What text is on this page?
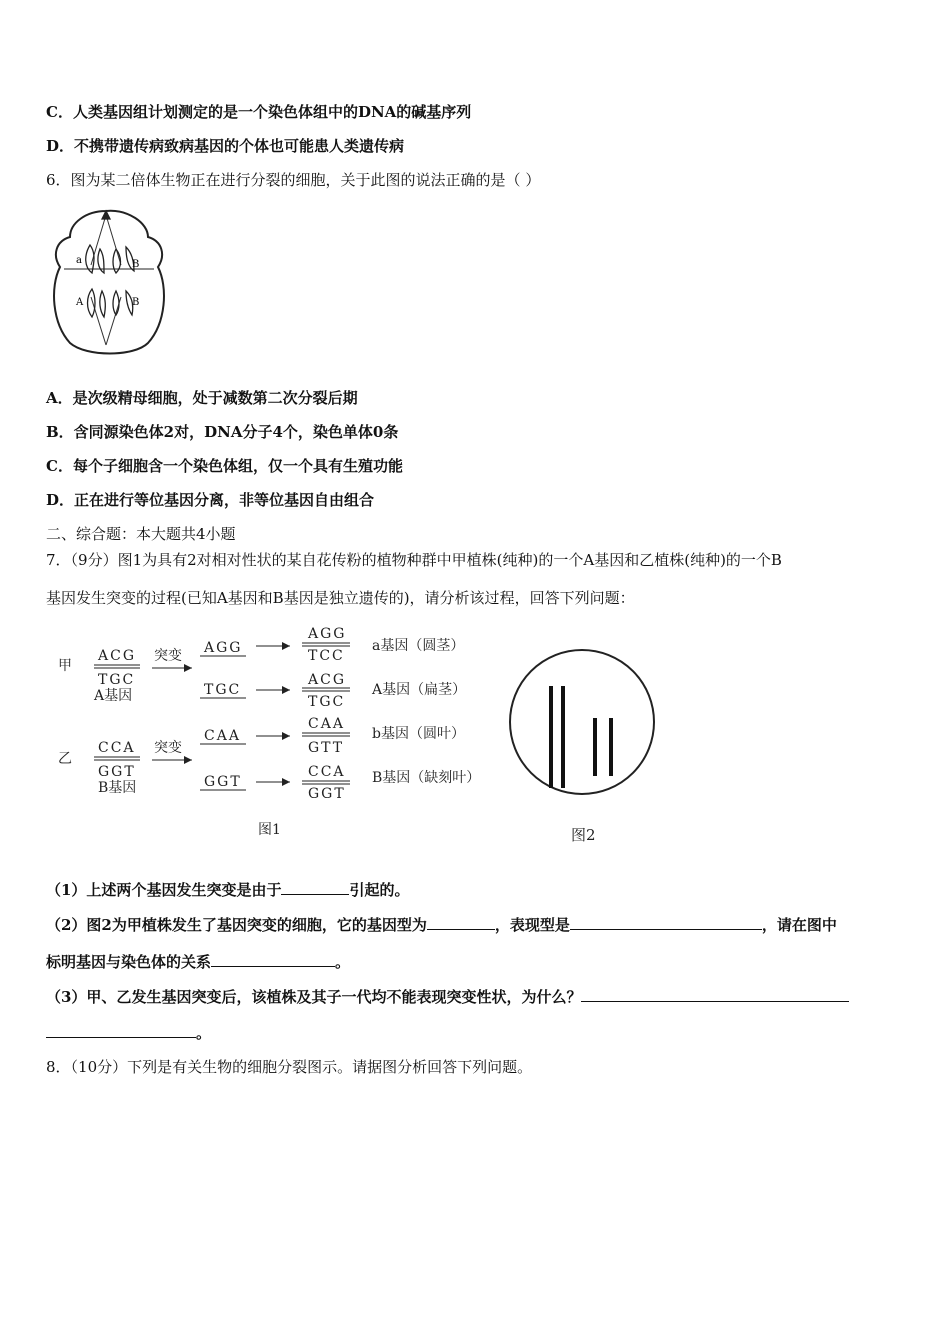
C．人类基因组计划测定的是一个染色体组中的DNA的碱基序列
D．不携带遗传病致病基因的个体也可能患人类遗传病
6．图为某二倍体生物正在进行分裂的细胞，关于此图的说法正确的是（ ）
a	B
A	B
A．是次级精母细胞，处于减数第二次分裂后期
B．含同源染色体2对，DNA分子4个，染色单体0条
C．每个子细胞含一个染色体组，仅一个具有生殖功能
D．正在进行等位基因分离，非等位基因自由组合
二、综合题：本大题共4小题
7．（9分）图1为具有2对相对性状的某自花传粉的植物种群中甲植株(纯种)的一个A基因和乙植株(纯种)的一个B
基因发生突变的过程(已知A基因和B基因是独立遗传的)，请分析该过程，回答下列问题：
甲
乙
ACG
TGC
A基因
突变 AGG
AGG
TCC
a基因（圆茎）
TGC
ACG
TGC
A基因（扁茎）
CCA
GGT
B基因
突变
CAA
CAA
GTT
b基因（圆叶）
GGT
CCA
GGT
B基因（缺刻叶）
图1	图2
（1）上述两个基因发生突变是由于	引起的。
（2）图2为甲植株发生了基因突变的细胞，它的基因型为	，表现型是	，请在图中
标明基因与染色体的关系	。
（3）甲、乙发生基因突变后，该植株及其子一代均不能表现突变性状，为什么？
。
8．（10分）下列是有关生物的细胞分裂图示。请据图分析回答下列问题。
